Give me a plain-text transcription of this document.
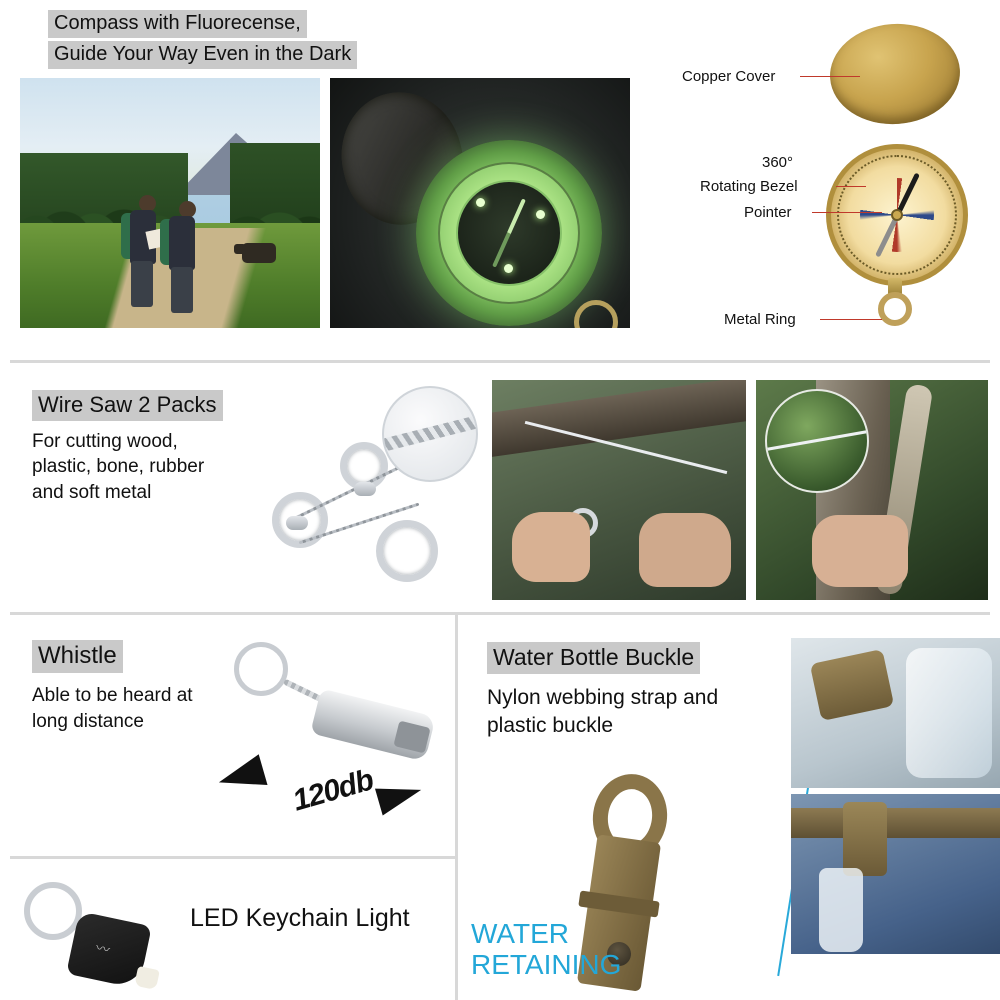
Compass with Fluorecense,
Guide Your Way Even in the Dark
Copper Cover
360°
Rotating Bezel
Pointer
Metal Ring
Wire Saw 2 Packs
For cutting wood,
plastic, bone, rubber
and soft metal
Whistle
Able to be heard at
long distance
120db
〰
LED Keychain Light
Water Bottle Buckle
Nylon webbing strap and
plastic buckle
WATER
RETAINING
